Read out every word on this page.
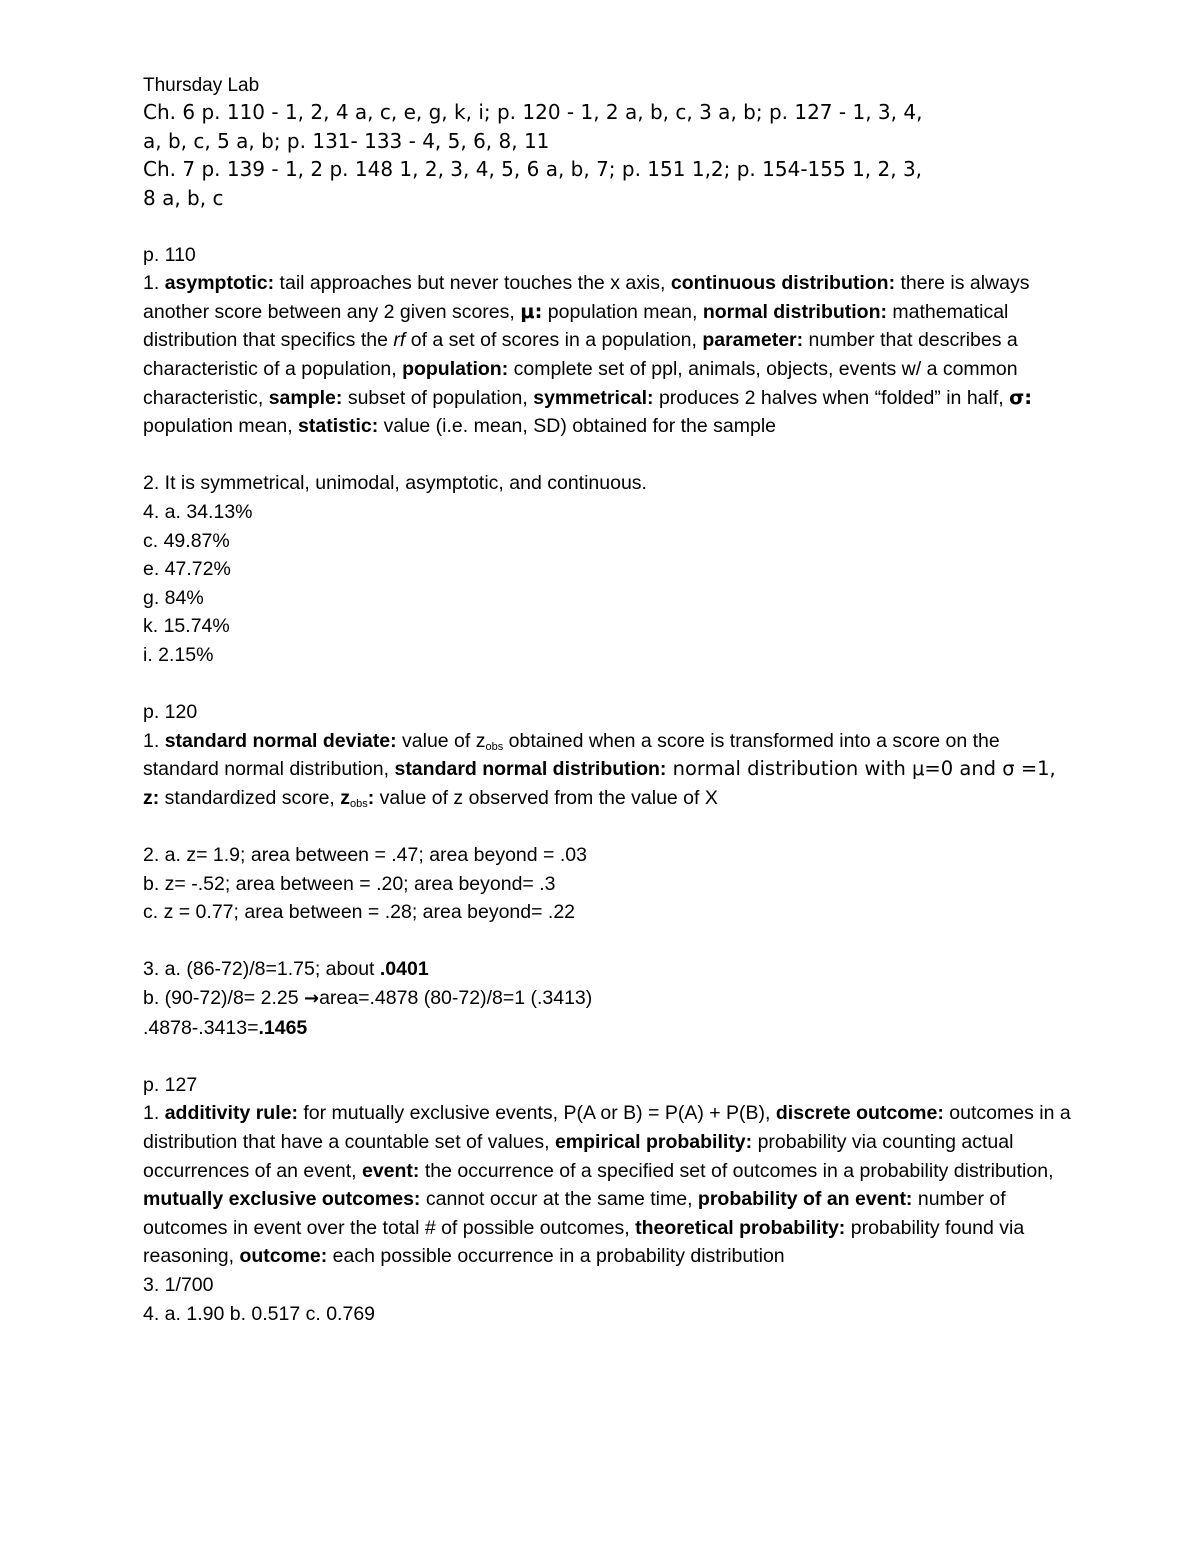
Thursday Lab
Ch. 6 p. 110 - 1, 2, 4 a, c, e, g, k, i; p. 120 - 1, 2 a, b, c, 3 a, b; p. 127 - 1, 3, 4,
a, b, c, 5 a, b; p. 131- 133 - 4, 5, 6, 8, 11
Ch. 7 p. 139 - 1, 2 p. 148 1, 2, 3, 4, 5, 6 a, b, 7; p. 151 1,2; p. 154-155 1, 2, 3,
8 a, b, c
p. 110
1. asymptotic: tail approaches but never touches the x axis, continuous distribution: there is always another score between any 2 given scores, μ: population mean, normal distribution: mathematical distribution that specifics the rf of a set of scores in a population, parameter: number that describes a characteristic of a population, population: complete set of ppl, animals, objects, events w/ a common characteristic, sample: subset of population, symmetrical: produces 2 halves when “folded” in half, σ: population mean, statistic: value (i.e. mean, SD) obtained for the sample
2. It is symmetrical, unimodal, asymptotic, and continuous.
4. a. 34.13%
c. 49.87%
e. 47.72%
g. 84%
k. 15.74%
i. 2.15%
p. 120
1. standard normal deviate: value of $z_{obs}$ obtained when a score is transformed into a score on the standard normal distribution, standard normal distribution: normal distribution with μ=0 and σ =1, z: standardized score, $z_{obs}$: value of z observed from the value of X
2. a. z= 1.9; area between = .47; area beyond = .03
b. z= -.52; area between = .20; area beyond= .3
c. z = 0.77; area between = .28; area beyond= .22
3. a. (86-72)/8=1.75; about .0401
b. (90-72)/8= 2.25 →area=.4878 (80-72)/8=1 (.3413)
.4878-.3413=.1465
p. 127
1. additivity rule: for mutually exclusive events, P(A or B) = P(A) + P(B), discrete outcome: outcomes in a distribution that have a countable set of values, empirical probability: probability via counting actual occurrences of an event, event: the occurrence of a specified set of outcomes in a probability distribution, mutually exclusive outcomes: cannot occur at the same time, probability of an event: number of outcomes in event over the total # of possible outcomes, theoretical probability: probability found via reasoning, outcome: each possible occurrence in a probability distribution
3. 1/700
4. a. 1.90 b. 0.517 c. 0.769
